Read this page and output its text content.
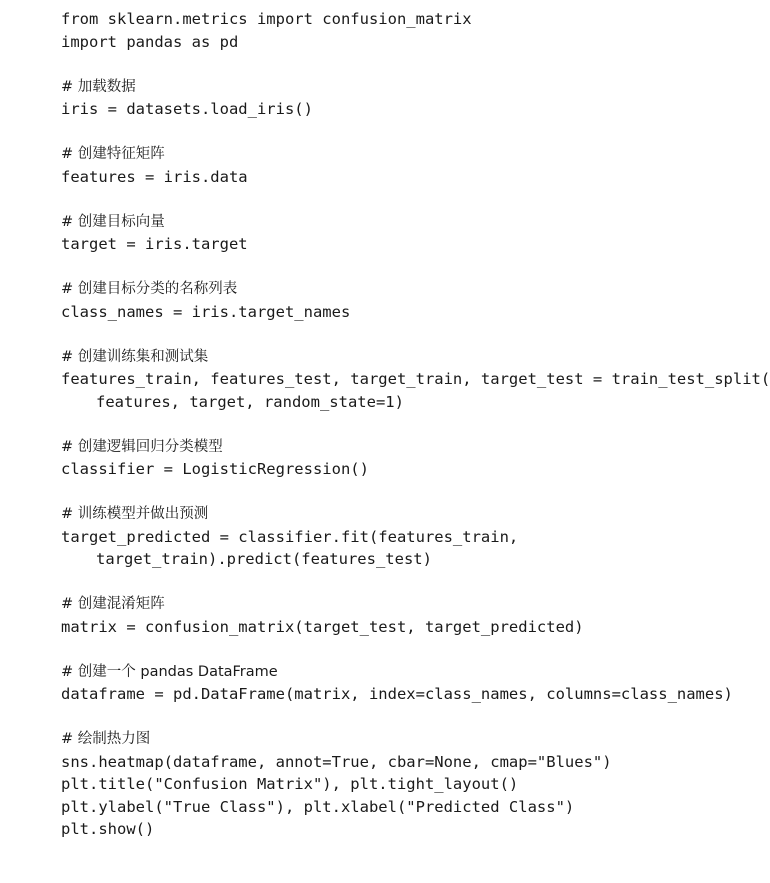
from sklearn.metrics import confusion_matrix
import pandas as pd
# 加载数据
iris = datasets.load_iris()
# 创建特征矩阵
features = iris.data
# 创建目标向量
target = iris.target
# 创建目标分类的名称列表
class_names = iris.target_names
# 创建训练集和测试集
features_train, features_test, target_train, target_test = train_test_split(
features, target, random_state=1)
# 创建逻辑回归分类模型
classifier = LogisticRegression()
# 训练模型并做出预测
target_predicted = classifier.fit(features_train,
target_train).predict(features_test)
# 创建混淆矩阵
matrix = confusion_matrix(target_test, target_predicted)
# 创建一个 pandas DataFrame
dataframe = pd.DataFrame(matrix, index=class_names, columns=class_names)
# 绘制热力图
sns.heatmap(dataframe, annot=True, cbar=None, cmap="Blues")
plt.title("Confusion Matrix"), plt.tight_layout()
plt.ylabel("True Class"), plt.xlabel("Predicted Class")
plt.show()
